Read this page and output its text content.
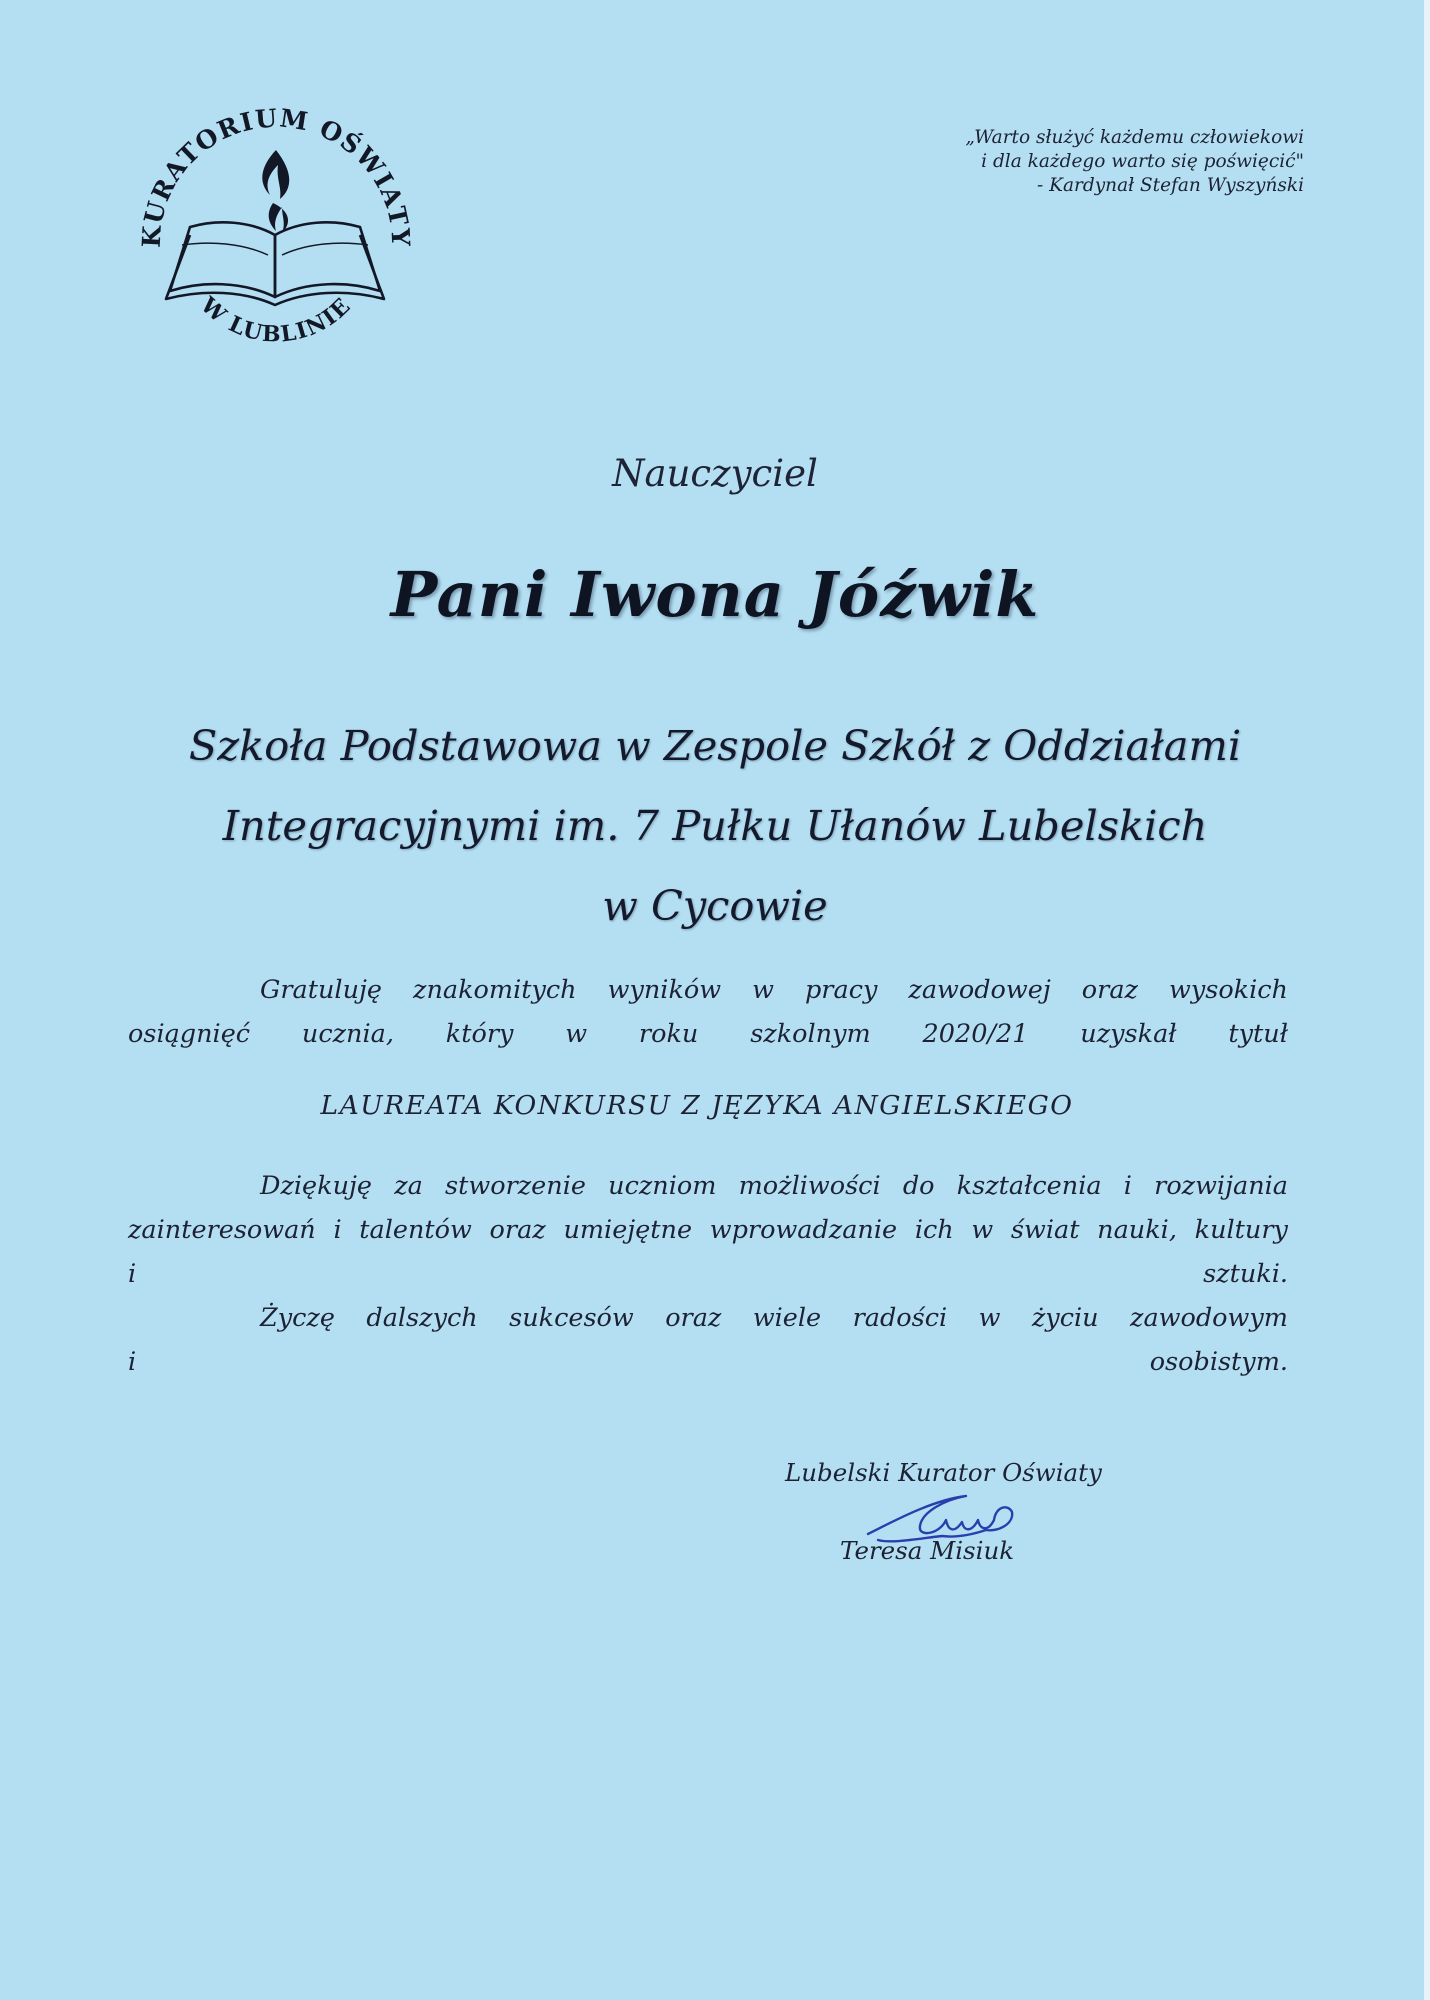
KURATORIUM OŚWIATY
W LUBLINIE
„Warto służyć każdemu człowiekowi
i dla każdego warto się poświęcić"
- Kardynał Stefan Wyszyński
Nauczyciel
Pani Iwona Jóźwik
Szkoła Podstawowa w Zespole Szkół z Oddziałami
Integracyjnymi im. 7 Pułku Ułanów Lubelskich
w Cycowie
Gratuluję znakomitych wyników w pracy zawodowej oraz wysokich
osiągnięć ucznia, który w roku szkolnym 2020/21 uzyskał tytuł
LAUREATA KONKURSU Z JĘZYKA ANGIELSKIEGO
Dziękuję za stworzenie uczniom możliwości do kształcenia i rozwijania
zainteresowań i talentów oraz umiejętne wprowadzanie ich w świat nauki, kultury
i  sztuki.
Życzę dalszych sukcesów oraz wiele radości w życiu zawodowym
i osobistym.
Lubelski Kurator Oświaty
Teresa Misiuk
